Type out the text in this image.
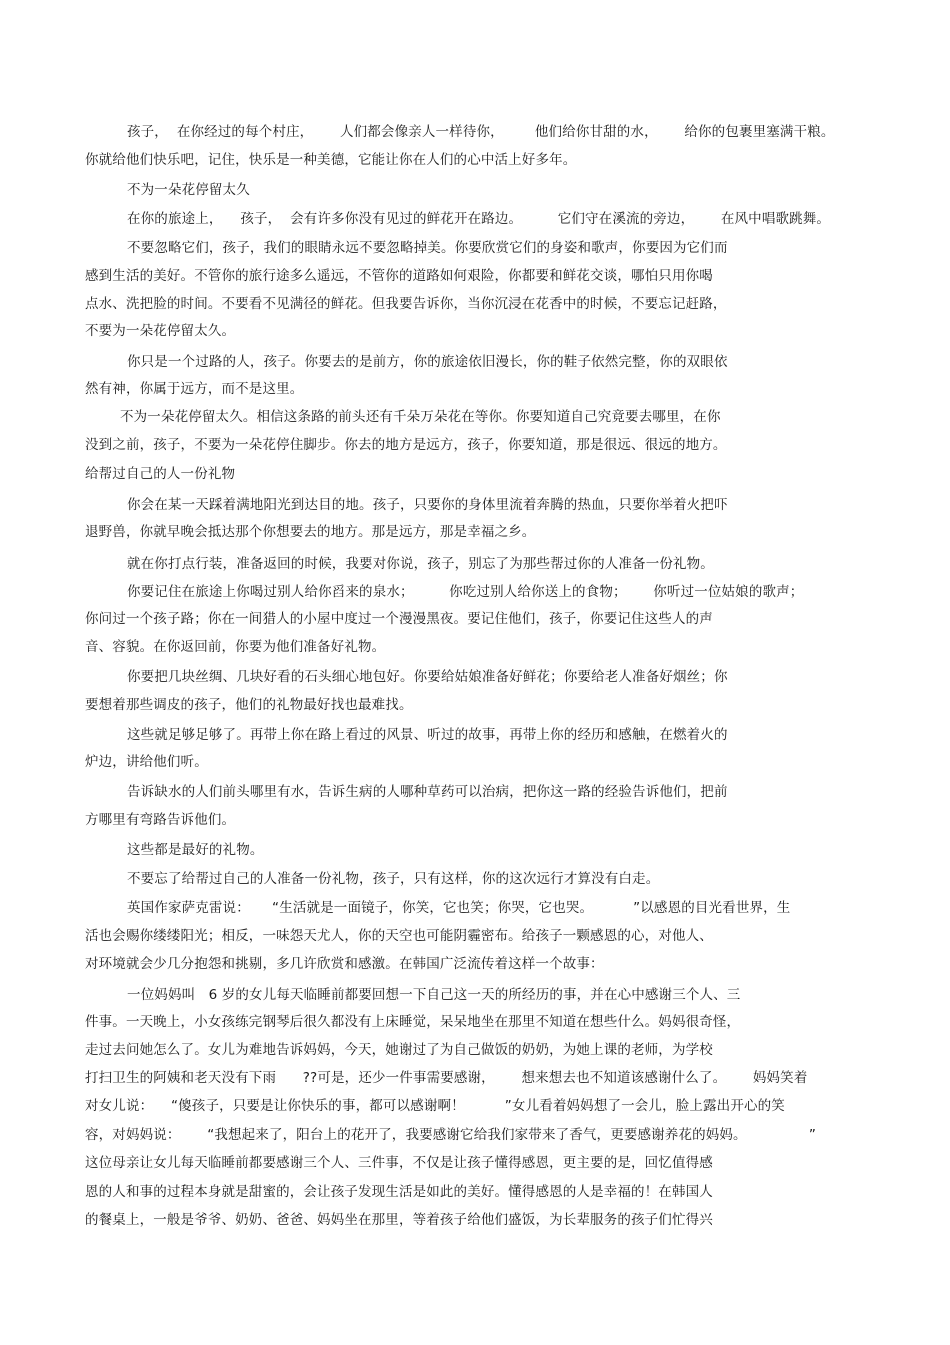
孩子，  在你经过的每个村庄，      人们都会像亲人一样待你，       他们给你甘甜的水，      给你的包裹里塞满干粮。
你就给他们快乐吧，记住，快乐是一种美德，它能让你在人们的心中活上好多年。
不为一朵花停留太久
在你的旅途上，    孩子，  会有许多你没有见过的鲜花开在路边。        它们守在溪流的旁边，      在风中唱歌跳舞。
不要忽略它们，孩子，我们的眼睛永远不要忽略掉美。你要欣赏它们的身姿和歌声，你要因为它们而
感到生活的美好。不管你的旅行途多么遥远，不管你的道路如何艰险，你都要和鲜花交谈，哪怕只用你喝
点水、洗把脸的时间。不要看不见满径的鲜花。但我要告诉你，当你沉浸在花香中的时候，不要忘记赶路，
不要为一朵花停留太久。
你只是一个过路的人，孩子。你要去的是前方，你的旅途依旧漫长，你的鞋子依然完整，你的双眼依
然有神，你属于远方，而不是这里。
不为一朵花停留太久。相信这条路的前头还有千朵万朵花在等你。你要知道自己究竟要去哪里，在你
没到之前，孩子，不要为一朵花停住脚步。你去的地方是远方，孩子，你要知道，那是很远、很远的地方。
给帮过自己的人一份礼物
你会在某一天踩着满地阳光到达目的地。孩子，只要你的身体里流着奔腾的热血，只要你举着火把吓
退野兽，你就早晚会抵达那个你想要去的地方。那是远方，那是幸福之乡。
就在你打点行装，准备返回的时候，我要对你说，孩子，别忘了为那些帮过你的人准备一份礼物。
你要记住在旅途上你喝过别人给你舀来的泉水；        你吃过别人给你送上的食物；      你听过一位姑娘的歌声；
你问过一个孩子路；你在一间猎人的小屋中度过一个漫漫黑夜。要记住他们，孩子，你要记住这些人的声
音、容貌。在你返回前，你要为他们准备好礼物。
你要把几块丝绸、几块好看的石头细心地包好。你要给姑娘准备好鲜花；你要给老人准备好烟丝；你
要想着那些调皮的孩子，他们的礼物最好找也最难找。
这些就足够足够了。再带上你在路上看过的风景、听过的故事，再带上你的经历和感触，在燃着火的
炉边，讲给他们听。
告诉缺水的人们前头哪里有水，告诉生病的人哪种草药可以治病，把你这一路的经验告诉他们，把前
方哪里有弯路告诉他们。
这些都是最好的礼物。
不要忘了给帮过自己的人准备一份礼物，孩子，只有这样，你的这次远行才算没有白走。
英国作家萨克雷说：     “生活就是一面镜子，你笑，它也笑；你哭，它也哭。         ”以感恩的目光看世界，生
活也会赐你缕缕阳光；相反，一味怨天尤人，你的天空也可能阴霾密布。给孩子一颗感恩的心，对他人、
对环境就会少几分抱怨和挑剔，多几许欣赏和感激。在韩国广泛流传着这样一个故事：
一位妈妈叫   6 岁的女儿每天临睡前都要回想一下自己这一天的所经历的事，并在心中感谢三个人、三
件事。一天晚上，小女孩练完钢琴后很久都没有上床睡觉，呆呆地坐在那里不知道在想些什么。妈妈很奇怪，
走过去问她怎么了。女儿为难地告诉妈妈，今天，她谢过了为自己做饭的奶奶，为她上课的老师，为学校
打扫卫生的阿姨和老天没有下雨      ??可是，还少一件事需要感谢，      想来想去也不知道该感谢什么了。      妈妈笑着
对女儿说：    “傻孩子，只要是让你快乐的事，都可以感谢啊！         ”女儿看着妈妈想了一会儿，脸上露出开心的笑
容，对妈妈说：      “我想起来了，阳台上的花开了，我要感谢它给我们家带来了香气，更要感谢养花的妈妈。              ”
这位母亲让女儿每天临睡前都要感谢三个人、三件事，不仅是让孩子懂得感恩，更主要的是，回忆值得感
恩的人和事的过程本身就是甜蜜的，会让孩子发现生活是如此的美好。懂得感恩的人是幸福的！在韩国人
的餐桌上，一般是爷爷、奶奶、爸爸、妈妈坐在那里，等着孩子给他们盛饭，为长辈服务的孩子们忙得兴
